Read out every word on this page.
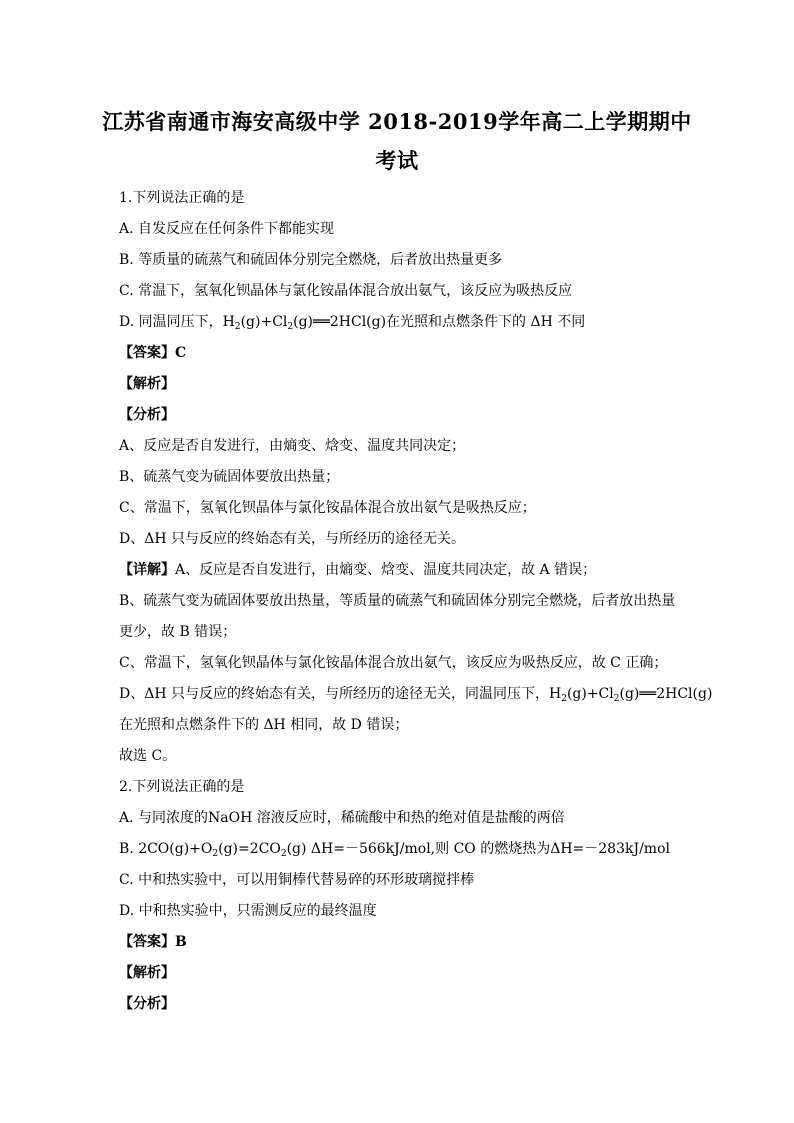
江苏省南通市海安高级中学 2018-2019学年高二上学期期中
考试
1.下列说法正确的是
A. 自发反应在任何条件下都能实现
B. 等质量的硫蒸气和硫固体分别完全燃烧，后者放出热量更多
C. 常温下，氢氧化钡晶体与氯化铵晶体混合放出氨气，该反应为吸热反应
D. 同温同压下，$H_2(g)+Cl_2(g)══2HCl(g)$在光照和点燃条件下的 ΔH 不同
【答案】C
【解析】
【分析】
A、反应是否自发进行，由熵变、焓变、温度共同决定；
B、硫蒸气变为硫固体要放出热量；
C、常温下，氢氧化钡晶体与氯化铵晶体混合放出氨气是吸热反应；
D、ΔH 只与反应的终始态有关，与所经历的途径无关。
【详解】A、反应是否自发进行，由熵变、焓变、温度共同决定，故 A 错误；
B、硫蒸气变为硫固体要放出热量，等质量的硫蒸气和硫固体分别完全燃烧，后者放出热量
更少，故 B 错误；
C、常温下，氢氧化钡晶体与氯化铵晶体混合放出氨气，该反应为吸热反应，故 C 正确；
D、ΔH 只与反应的终始态有关，与所经历的途径无关，同温同压下，$H_2(g)+Cl_2(g)══2HCl(g)$
在光照和点燃条件下的 ΔH 相同，故 D 错误；
故选 C。
2.下列说法正确的是
A. 与同浓度的NaOH 溶液反应时，稀硫酸中和热的绝对值是盐酸的两倍
B. $2CO(g)+O_2(g)=2CO_2(g)$ ΔH=－566kJ/mol,则 CO 的燃烧热为ΔH=－283kJ/mol
C. 中和热实验中，可以用铜棒代替易碎的环形玻璃搅拌棒
D. 中和热实验中，只需测反应的最终温度
【答案】B
【解析】
【分析】
